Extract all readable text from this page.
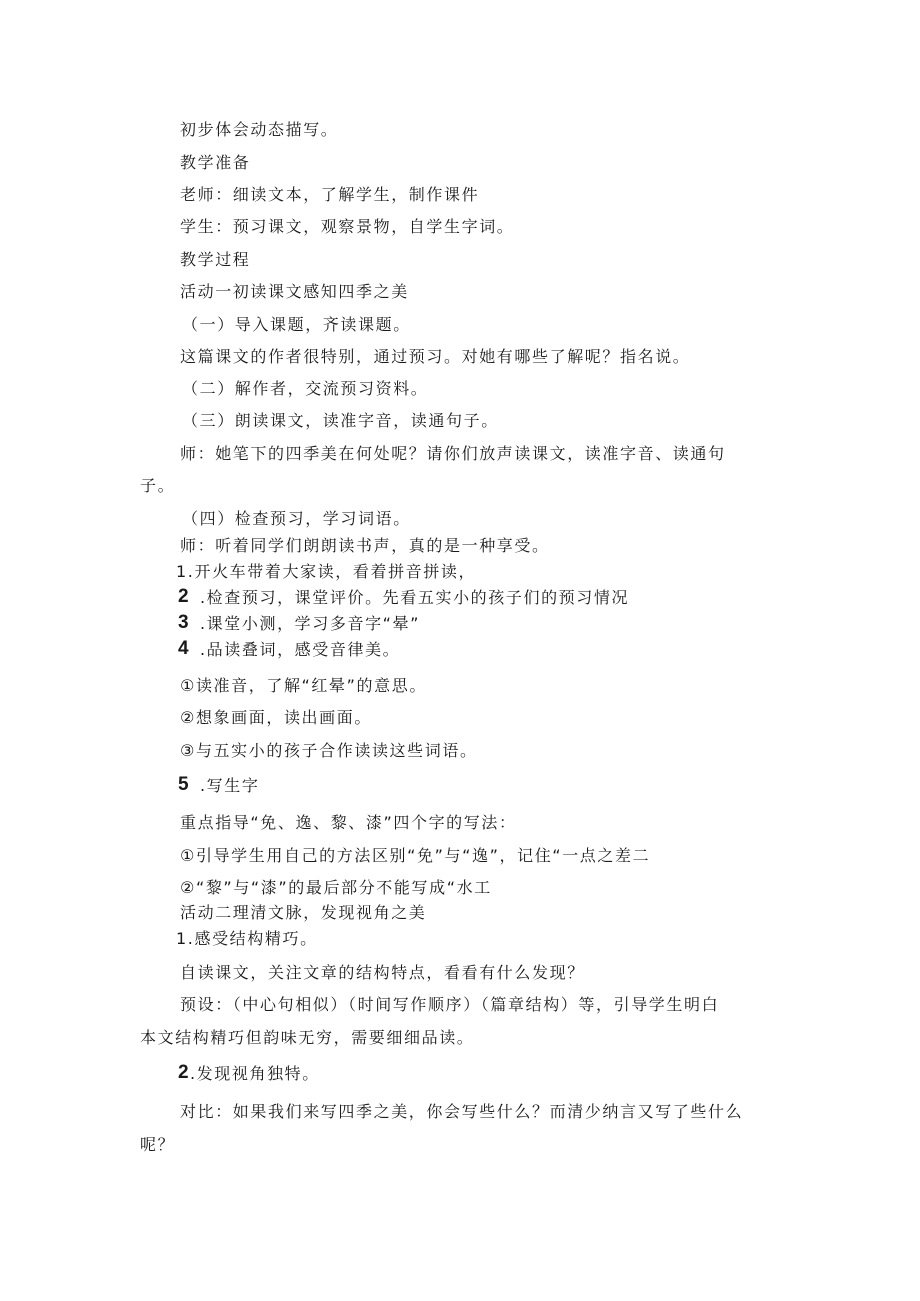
初步体会动态描写。
教学准备
老师：细读文本，了解学生，制作课件
学生：预习课文，观察景物，自学生字词。
教学过程
活动一初读课文感知四季之美
（一）导入课题，齐读课题。
这篇课文的作者很特别，通过预习。对她有哪些了解呢？指名说。
（二）解作者，交流预习资料。
（三）朗读课文，读准字音，读通句子。
师：她笔下的四季美在何处呢？请你们放声读课文，读准字音、读通句
子。
（四）检查预习，学习词语。
师：听着同学们朗朗读书声，真的是一种享受。
1.开火车带着大家读，看着拼音拼读，
2 .检查预习，课堂评价。先看五实小的孩子们的预习情况
3 .课堂小测，学习多音字“晕”
4 .品读叠词，感受音律美。
①读准音，了解“红晕”的意思。
②想象画面，读出画面。
③与五实小的孩子合作读读这些词语。
5 .写生字
重点指导“免、逸、黎、漆”四个字的写法：
①引导学生用自己的方法区别“免”与“逸”，记住“一点之差二
②“黎”与“漆”的最后部分不能写成“水工
活动二理清文脉，发现视角之美
1.感受结构精巧。
自读课文，关注文章的结构特点，看看有什么发现？
预设：（中心句相似）（时间写作顺序）（篇章结构）等，引导学生明白
本文结构精巧但韵味无穷，需要细细品读。
2 .发现视角独特。
对比：如果我们来写四季之美，你会写些什么？而清少纳言又写了些什么
呢？
